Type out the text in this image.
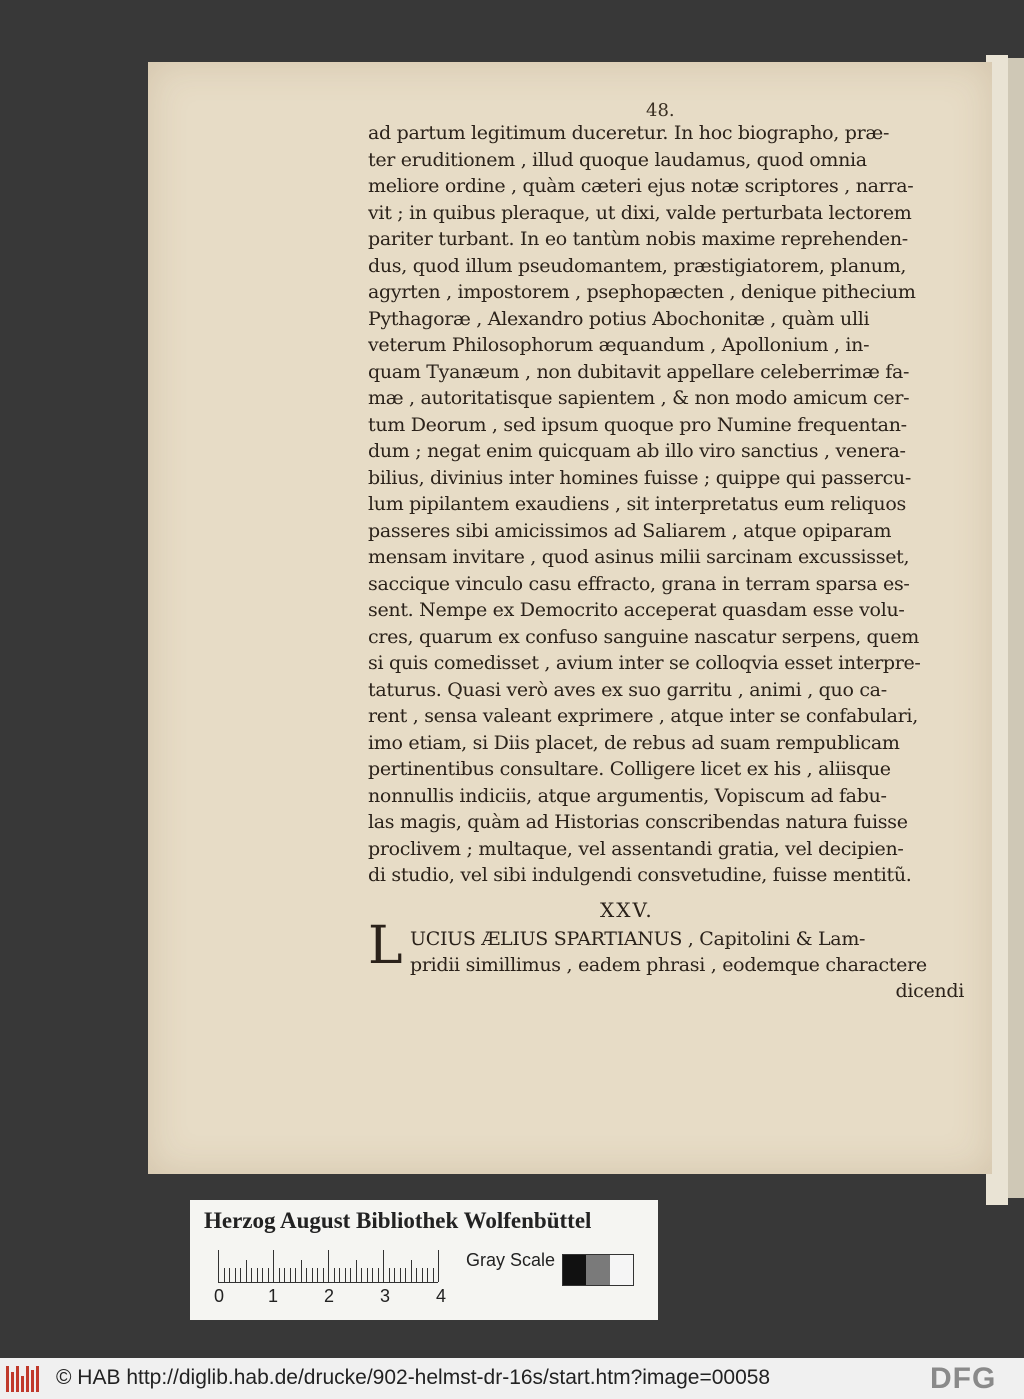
48.
ad partum legitimum duceretur. In hoc biographo, præ-
ter eruditionem , illud quoque laudamus, quod omnia
meliore ordine , quàm cæteri ejus notæ scriptores , narra-
vit ; in quibus pleraque, ut dixi, valde perturbata lectorem
pariter turbant. In eo tantùm nobis maxime reprehenden-
dus, quod illum pseudomantem, præstigiatorem, planum,
agyrten , impostorem , psephopæcten , denique pithecium
Pythagoræ , Alexandro potius Abochonitæ , quàm ulli
veterum Philosophorum æquandum , Apollonium , in-
quam Tyanæum , non dubitavit appellare celeberrimæ fa-
mæ , autoritatisque sapientem , & non modo amicum cer-
tum Deorum , sed ipsum quoque pro Numine frequentan-
dum ; negat enim quicquam ab illo viro sanctius , venera-
bilius, divinius inter homines fuisse ; quippe qui passercu-
lum pipilantem exaudiens , sit interpretatus eum reliquos
passeres sibi amicissimos ad Saliarem , atque opiparam
mensam invitare , quod asinus milii sarcinam excussisset,
saccique vinculo casu effracto, grana in terram sparsa es-
sent. Nempe ex Democrito acceperat quasdam esse volu-
cres, quarum ex confuso sanguine nascatur serpens, quem
si quis comedisset , avium inter se colloqvia esset interpre-
taturus. Quasi verò aves ex suo garritu , animi , quo ca-
rent , sensa valeant exprimere , atque inter se confabulari,
imo etiam, si Diis placet, de rebus ad suam rempublicam
pertinentibus consultare. Colligere licet ex his , aliisque
nonnullis indiciis, atque argumentis, Vopiscum ad fabu-
las magis, quàm ad Historias conscribendas natura fuisse
proclivem ; multaque, vel assentandi gratia, vel decipien-
di studio, vel sibi indulgendi consvetudine, fuisse mentitũ.
XXV.
L UCIUS ÆLIUS SPARTIANUS , Capitolini & Lam-
pridii simillimus , eadem phrasi , eodemque charactere
dicendi
Herzog August Bibliothek Wolfenbüttel
0 1	2	3	4
Gray Scale
© HAB http://diglib.hab.de/drucke/902-helmst-dr-16s/start.htm?image=00058	DFG
